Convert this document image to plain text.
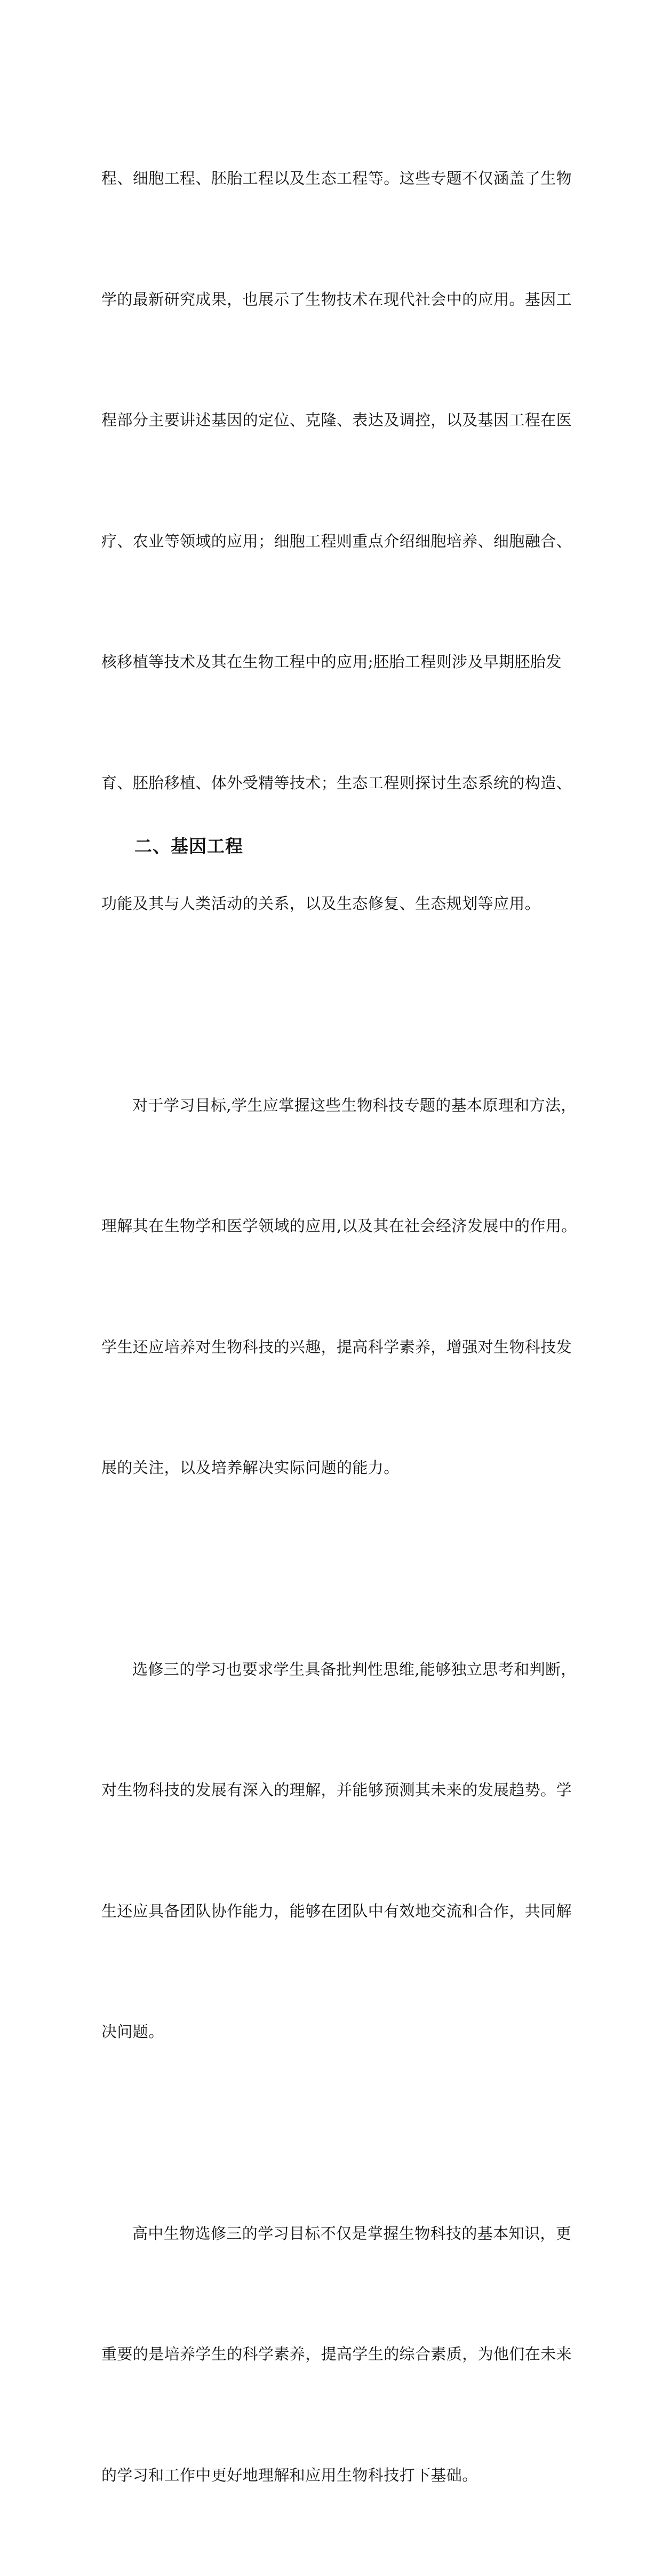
程、细胞工程、胚胎工程以及生态工程等。这些专题不仅涵盖了生物

学的最新研究成果，也展示了生物技术在现代社会中的应用。基因工

程部分主要讲述基因的定位、克隆、表达及调控，以及基因工程在医

疗、农业等领域的应用；细胞工程则重点介绍细胞培养、细胞融合、

核移植等技术及其在生物工程中的应用;胚胎工程则涉及早期胚胎发

育、胚胎移植、体外受精等技术；生态工程则探讨生态系统的构造、

功能及其与人类活动的关系，以及生态修复、生态规划等应用。

对于学习目标,学生应掌握这些生物科技专题的基本原理和方法，

理解其在生物学和医学领域的应用,以及其在社会经济发展中的作用。

学生还应培养对生物科技的兴趣，提高科学素养，增强对生物科技发

展的关注，以及培养解决实际问题的能力。

选修三的学习也要求学生具备批判性思维,能够独立思考和判断，

对生物科技的发展有深入的理解，并能够预测其未来的发展趋势。学

生还应具备团队协作能力，能够在团队中有效地交流和合作，共同解

决问题。

高中生物选修三的学习目标不仅是掌握生物科技的基本知识，更

重要的是培养学生的科学素养，提高学生的综合素质，为他们在未来

的学习和工作中更好地理解和应用生物科技打下基础。

二、基因工程
